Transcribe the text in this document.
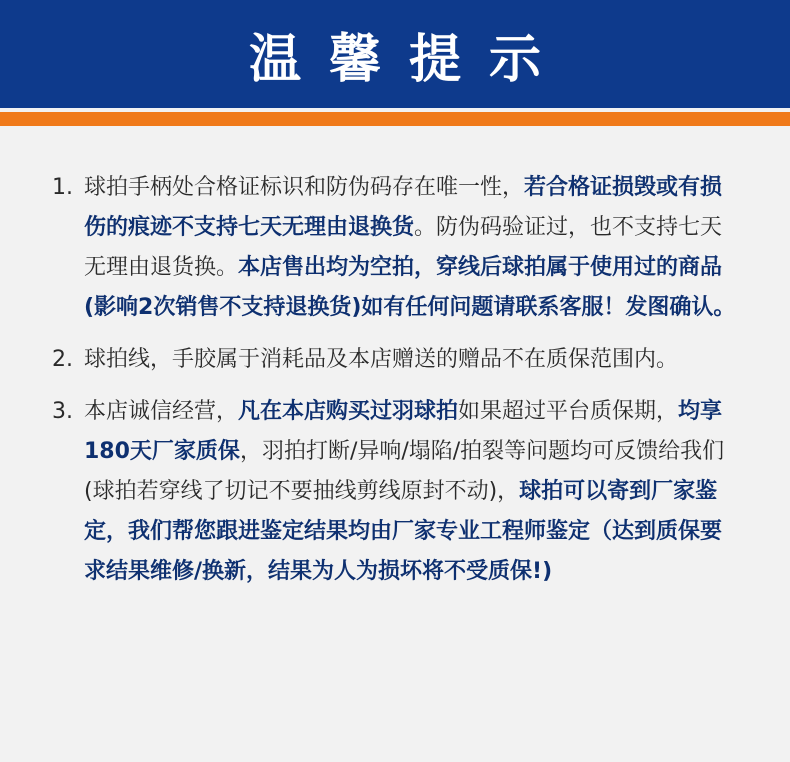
温馨提示
1. 球拍手柄处合格证标识和防伪码存在唯一性，若合格证损毁或有损伤的痕迹不支持七天无理由退换货。防伪码验证过，也不支持七天无理由退货换。本店售出均为空拍，穿线后球拍属于使用过的商品(影响2次销售不支持退换货)如有任何问题请联系客服！发图确认。
2. 球拍线，手胶属于消耗品及本店赠送的赠品不在质保范围内。
3. 本店诚信经营，凡在本店购买过羽球拍如果超过平台质保期，均享180天厂家质保，羽拍打断/异响/塌陷/拍裂等问题均可反馈给我们(球拍若穿线了切记不要抽线剪线原封不动)，球拍可以寄到厂家鉴定，我们帮您跟进鉴定结果均由厂家专业工程师鉴定（达到质保要求结果维修/换新，结果为人为损坏将不受质保!)
